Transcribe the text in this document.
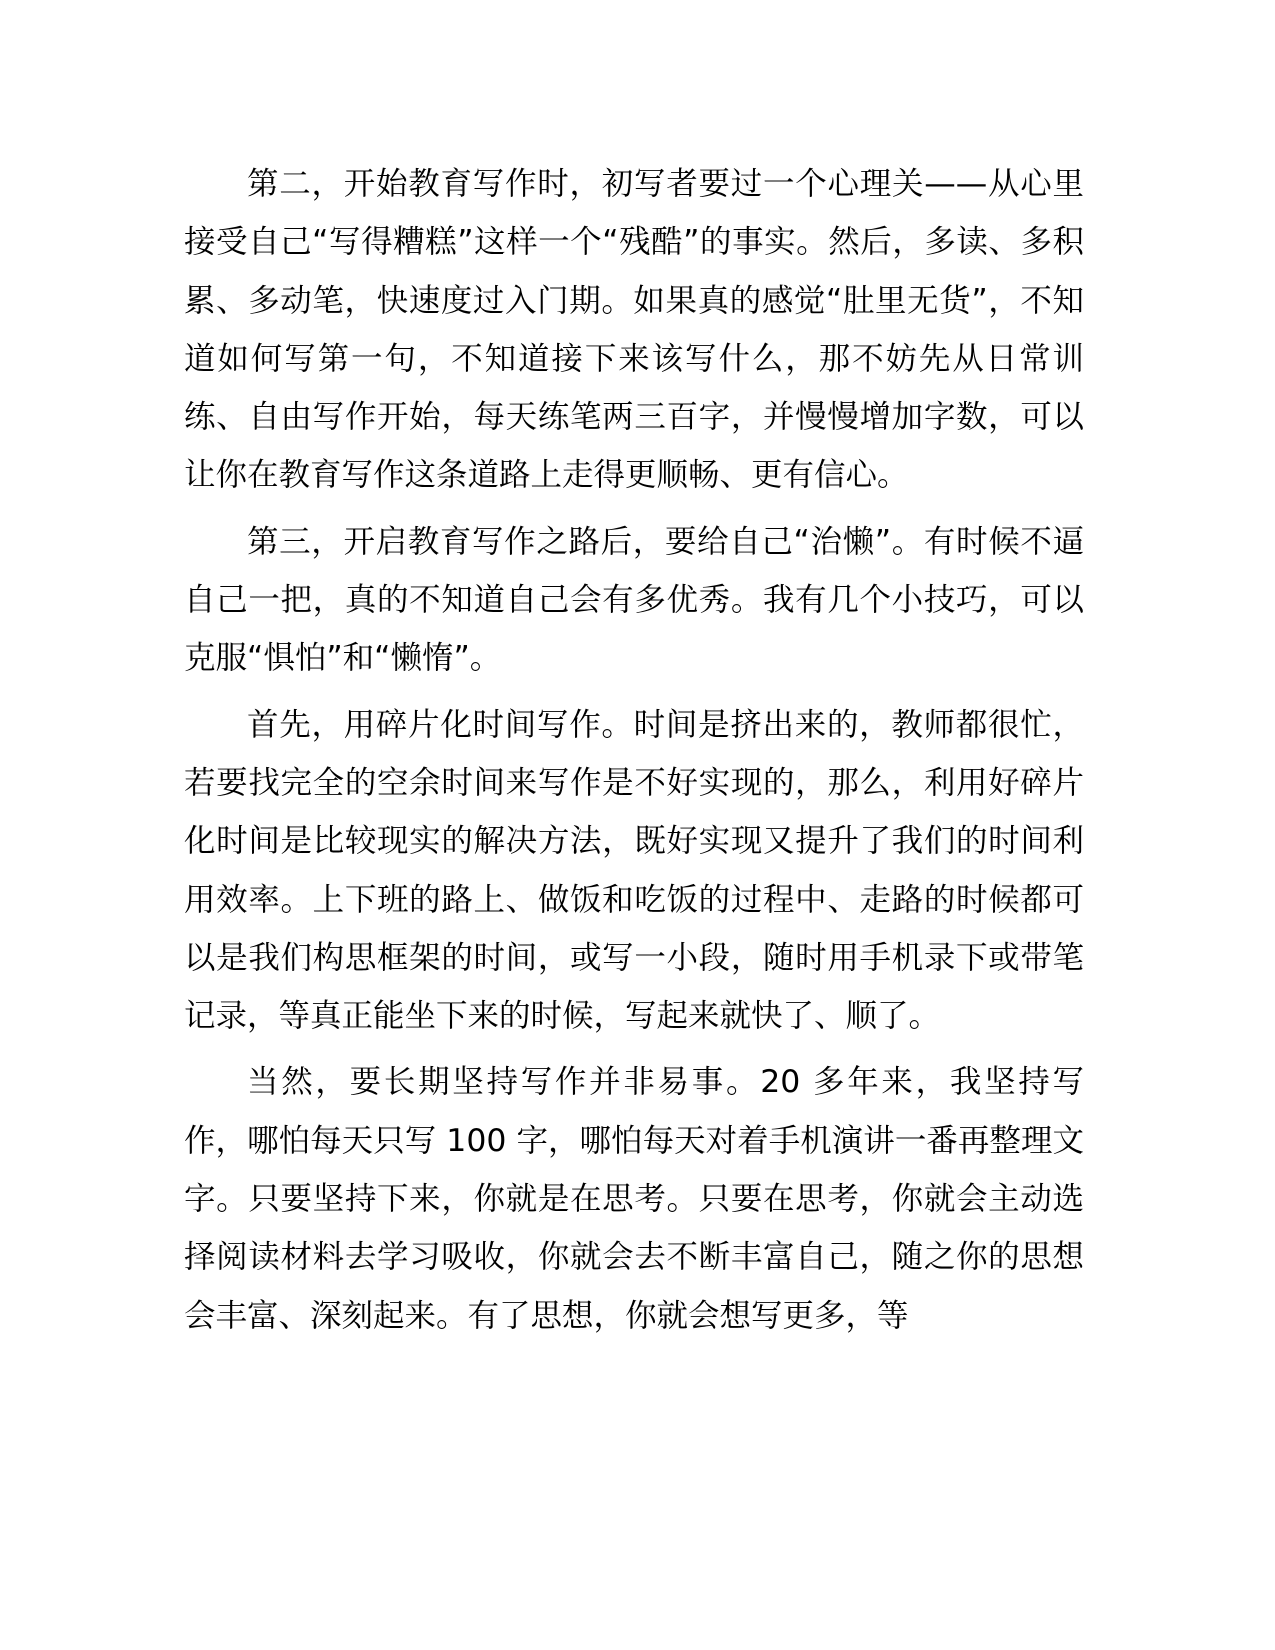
第二，开始教育写作时，初写者要过一个心理关——从心里接受自己“写得糟糕”这样一个“残酷”的事实。然后，多读、多积累、多动笔，快速度过入门期。如果真的感觉“肚里无货”，不知道如何写第一句，不知道接下来该写什么，那不妨先从日常训练、自由写作开始，每天练笔两三百字，并慢慢增加字数，可以让你在教育写作这条道路上走得更顺畅、更有信心。

第三，开启教育写作之路后，要给自己“治懒”。有时候不逼自己一把，真的不知道自己会有多优秀。我有几个小技巧，可以克服“惧怕”和“懒惰”。

首先，用碎片化时间写作。时间是挤出来的，教师都很忙，若要找完全的空余时间来写作是不好实现的，那么，利用好碎片化时间是比较现实的解决方法，既好实现又提升了我们的时间利用效率。上下班的路上、做饭和吃饭的过程中、走路的时候都可以是我们构思框架的时间，或写一小段，随时用手机录下或带笔记录，等真正能坐下来的时候，写起来就快了、顺了。

当然，要长期坚持写作并非易事。20 多年来，我坚持写作，哪怕每天只写 100 字，哪怕每天对着手机演讲一番再整理文字。只要坚持下来，你就是在思考。只要在思考，你就会主动选择阅读材料去学习吸收，你就会去不断丰富自己，随之你的思想会丰富、深刻起来。有了思想，你就会想写更多，等
